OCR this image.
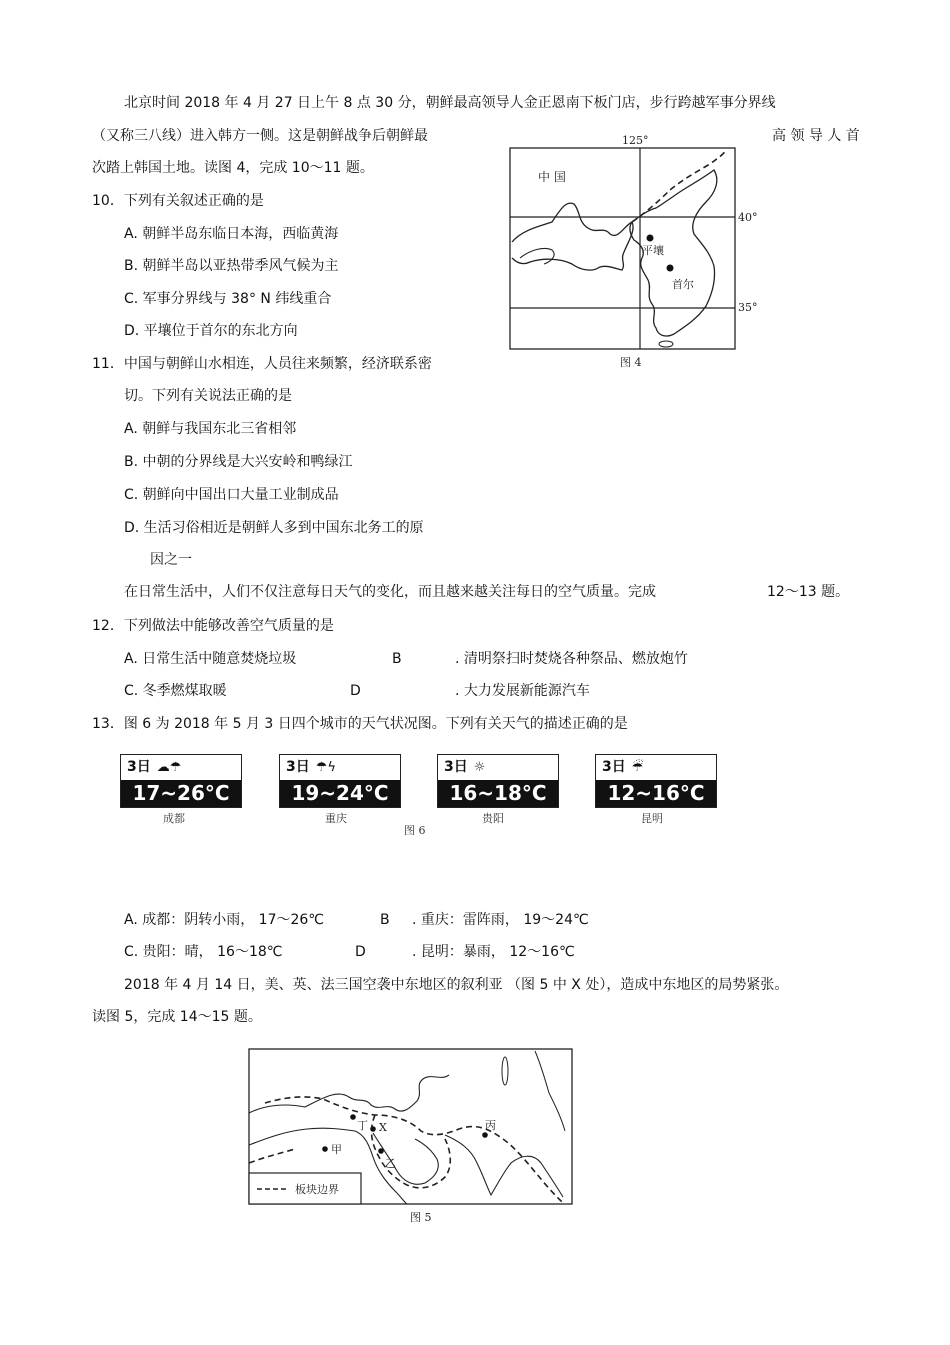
北京时间 2018 年 4 月 27 日上午 8 点 30 分，朝鲜最高领导人金正恩南下板门店，步行跨越军事分界线
（又称三八线）进入韩方一侧。这是朝鲜战争后朝鲜最	高 领 导 人 首
次踏上韩国土地。读图 4，完成 10～11 题。
10．下列有关叙述正确的是
A. 朝鲜半岛东临日本海，西临黄海
B. 朝鲜半岛以亚热带季风气候为主
C. 军事分界线与 38° N 纬线重合
D. 平壤位于首尔的东北方向
11．中国与朝鲜山水相连，人员往来频繁，经济联系密
切。下列有关说法正确的是
A. 朝鲜与我国东北三省相邻
B. 中朝的分界线是大兴安岭和鸭绿江
C. 朝鲜向中国出口大量工业制成品
D. 生活习俗相近是朝鲜人多到中国东北务工的原
因之一
125°
40°
35°
中 国
平壤
首尔
图 4
在日常生活中，人们不仅注意每日天气的变化，而且越来越关注每日的空气质量。完成	12～13 题。
12．下列做法中能够改善空气质量的是
A. 日常生活中随意焚烧垃圾	B	. 清明祭扫时焚烧各种祭品、燃放炮竹
C. 冬季燃煤取暖	D	. 大力发展新能源汽车
13．图 6 为 2018 年 5 月 3 日四个城市的天气状况图。下列有关天气的描述正确的是
3日 ☁☂
17~26°C
成都
3日 ☂ϟ
19~24°C
重庆
3日 ☼
16~18°C
贵阳
3日 ☔
12~16°C
昆明
图 6
A. 成都：阴转小雨， 17～26℃	B . 重庆：雷阵雨， 19～24℃
C. 贵阳：晴， 16～18℃	D	. 昆明：暴雨， 12～16℃
2018 年 4 月 14 日，美、英、法三国空袭中东地区的叙利亚 （图 5 中 X 处），造成中东地区的局势紧张。
读图 5，完成 14～15 题。
丁 X
甲
乙
丙
板块边界
图 5
